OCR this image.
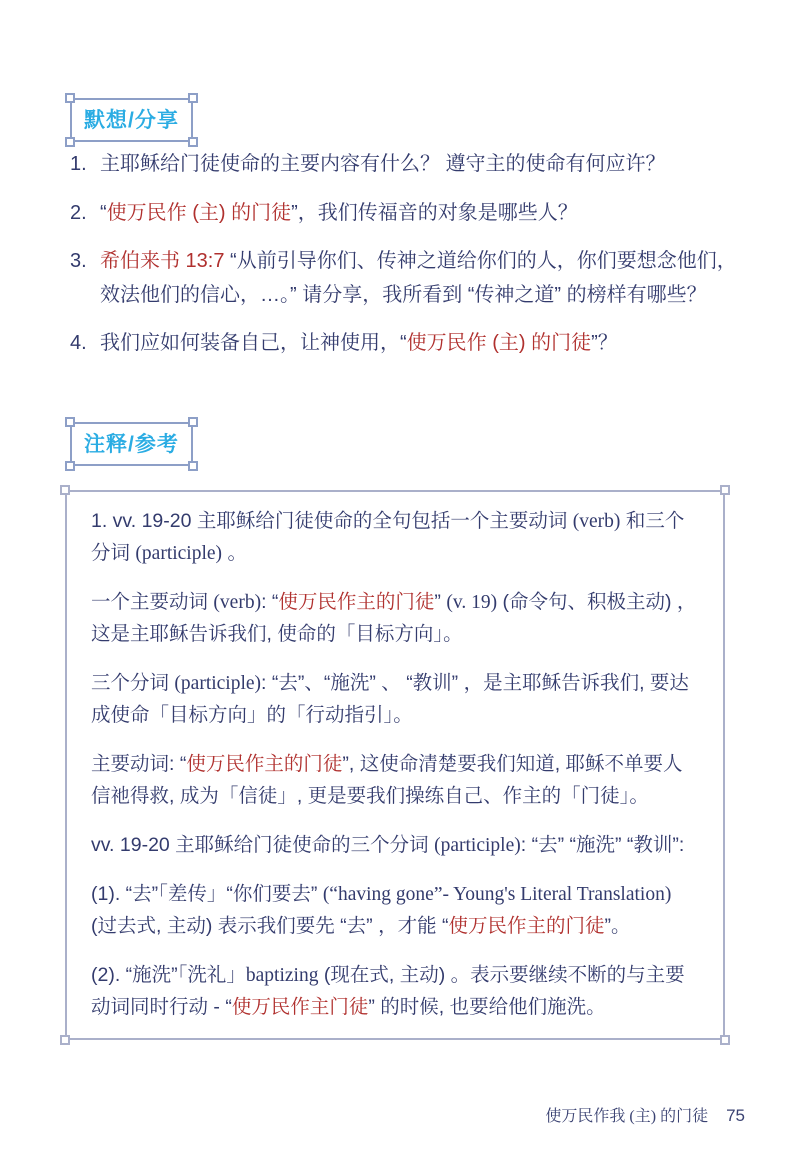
默想/分享
1. 主耶稣给门徒使命的主要内容有什么？ 遵守主的使命有何应许？
2. “使万民作 (主) 的门徒”，我们传福音的对象是哪些人？
3. 希伯来书 13:7 “从前引导你们、传神之道给你们的人，你们要想念他们，效法他们的信心，…。” 请分享，我所看到 “传神之道” 的榜样有哪些？
4. 我们应如何装备自己，让神使用，“使万民作 (主) 的门徒”？
注释/参考

1. vv. 19-20 主耶稣给门徒使命的全句包括一个主要动词 (verb) 和三个分词 (participle) 。

一个主要动词 (verb): “使万民作主的门徒” (v. 19) (命令句、积极主动) ，这是主耶稣告诉我们, 使命的「目标方向」。

三个分词 (participle): “去”、“施洗” 、 “教训” ，是主耶稣告诉我们, 要达成使命「目标方向」的「行动指引」。

主要动词: “使万民作主的门徒”, 这使命清楚要我们知道, 耶稣不单要人信祂得救, 成为「信徒」, 更是要我们操练自己、作主的「门徒」。

vv. 19-20 主耶稣给门徒使命的三个分词 (participle): “去” “施洗” “教训”:

(1). “去”「差传」“你们要去” (“having gone”- Young's Literal Translation) (过去式, 主动) 表示我们要先 “去” ，才能 “使万民作主的门徒”。

(2). “施洗”「洗礼」baptizing (现在式, 主动) 。表示要继续不断的与主要动词同时行动 - “使万民作主门徒” 的时候, 也要给他们施洗。

使万民作我 (主) 的门徒 75
